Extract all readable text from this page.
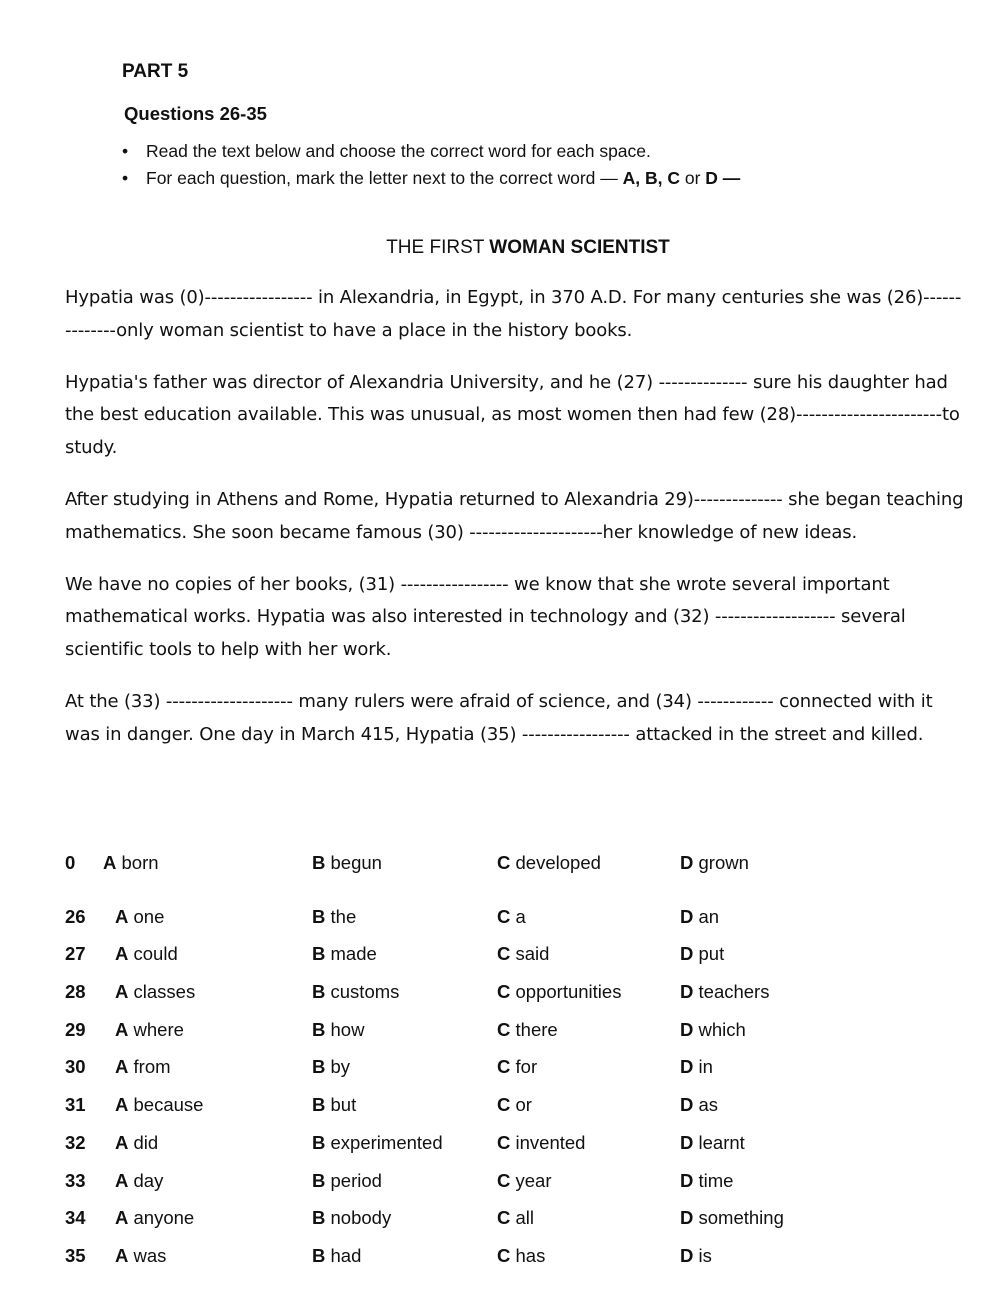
PART 5
Questions 26-35
• Read the text below and choose the correct word for each space.
• For each question, mark the letter next to the correct word — A, B, C or D —
THE FIRST WOMAN SCIENTIST

Hypatia was (0)----------------- in Alexandria, in Egypt, in 370 A.D. For many centuries she was (26)--------------only woman scientist to have a place in the history books.

Hypatia's father was director of Alexandria University, and he (27) -------------- sure his daughter had the best education available. This was unusual, as most women then had few (28)-----------------------to study.

After studying in Athens and Rome, Hypatia returned to Alexandria 29)-------------- she began teaching mathematics. She soon became famous (30) ---------------------her knowledge of new ideas.

We have no copies of her books, (31) ----------------- we know that she wrote several important mathematical works. Hypatia was also interested in technology and (32) ------------------- several scientific tools to help with her work.

At the (33) -------------------- many rulers were afraid of science, and (34) ------------ connected with it was in danger. One day in March 415, Hypatia (35) ----------------- attacked in the street and killed.

0 A born	B begun	C developed	D grown
26 A one	B the	C a	D an
27 A could	B made	C said	D put
28 A classes	B customs	C opportunities	D teachers
29 A where	B how	C there	D which
30 A from	B by	C for	D in
31 A because	B but	C or	D as
32 A did	B experimented	C invented	D learnt
33 A day	B period	C year	D time
34 A anyone	B nobody	C all	D something
35 A was	B had	C has	D is
